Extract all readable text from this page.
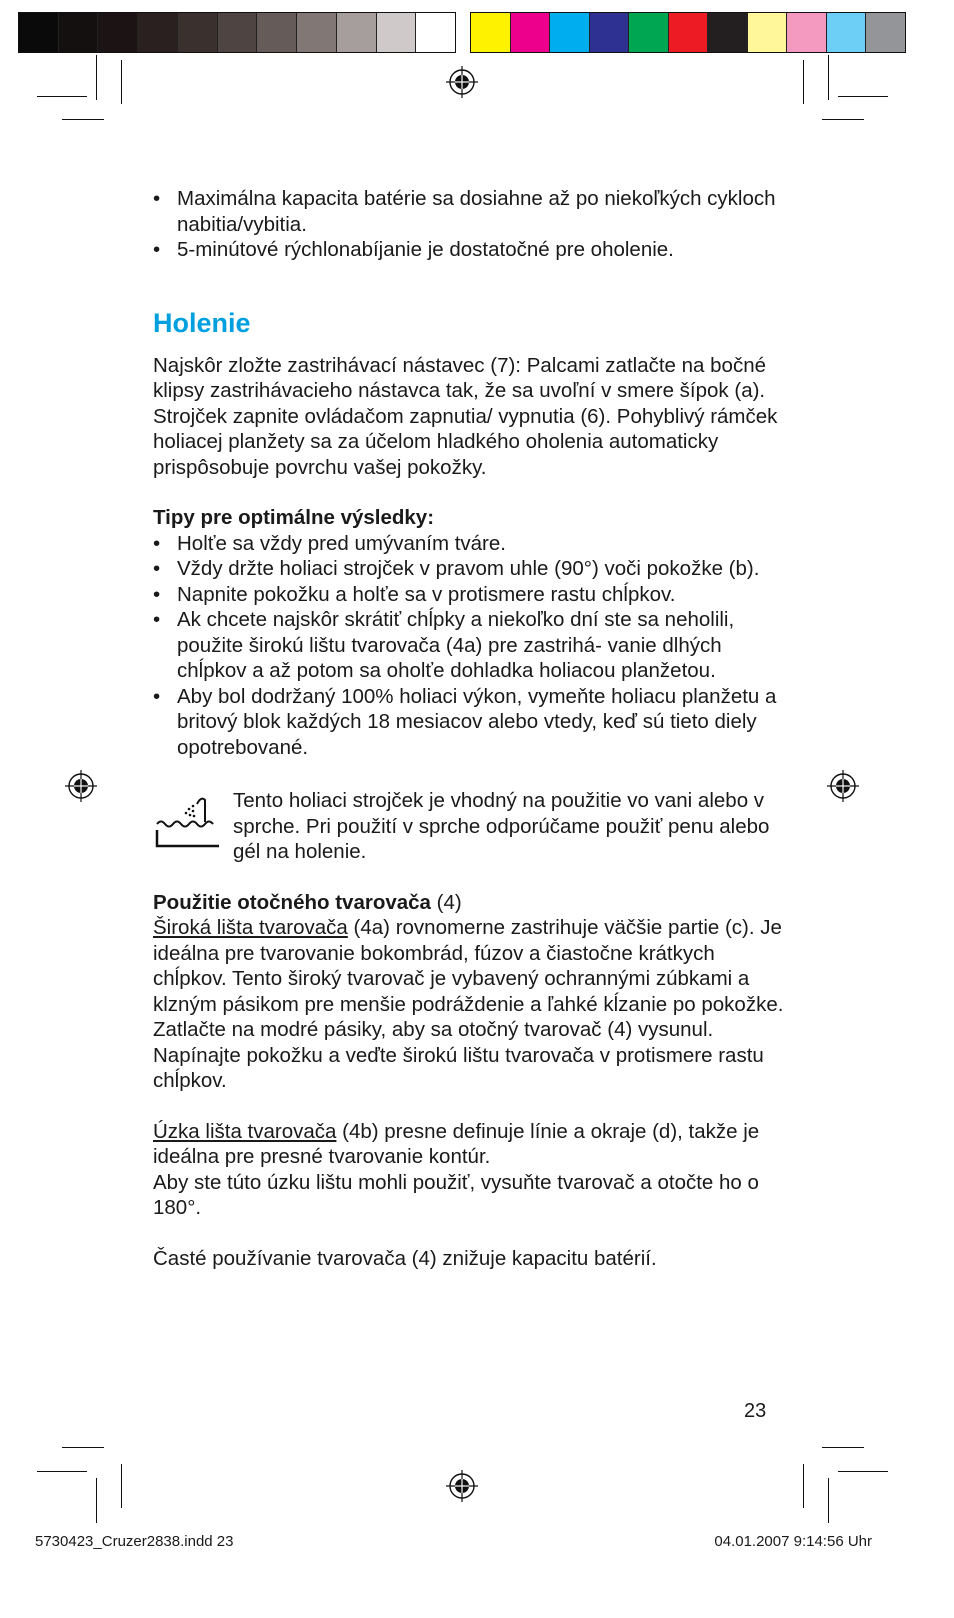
• Maximálna kapacita batérie sa dosiahne až po niekoľkých cykloch nabitia/vybitia.
• 5-minútové rýchlonabíjanie je dostatočné pre oholenie.
Holenie

Najskôr zložte zastrihávací nástavec (7): Palcami zatlačte na bočné klipsy zastrihávacieho nástavca tak, že sa uvoľní v smere šípok (a). Strojček zapnite ovládačom zapnutia/ vypnutia (6). Pohyblivý rámček holiacej planžety sa za účelom hladkého oholenia automaticky prispôsobuje povrchu vašej pokožky.

Tipy pre optimálne výsledky:

• Holťe sa vždy pred umývaním tváre.
• Vždy držte holiaci strojček v pravom uhle (90°) voči pokožke (b).
• Napnite pokožku a holťe sa v protismere rastu chĺpkov.
• Ak chcete najskôr skrátiť chĺpky a niekoľko dní ste sa neholili, použite širokú lištu tvarovača (4a) pre zastrihá- vanie dlhých chĺpkov a až potom sa oholťe dohladka holiacou planžetou.
• Aby bol dodržaný 100% holiaci výkon, vymeňte holiacu planžetu a britový blok každých 18 mesiacov alebo vtedy, keď sú tieto diely opotrebované.

Tento holiaci strojček je vhodný na použitie vo vani alebo v sprche. Pri použití v sprche odporúčame použiť penu alebo gél na holenie.

Použitie otočného tvarovača (4)

Široká lišta tvarovača (4a) rovnomerne zastrihuje väčšie partie (c). Je ideálna pre tvarovanie bokombrád, fúzov a čiastočne krátkych chĺpkov. Tento široký tvarovač je vybavený ochrannými zúbkami a klzným pásikom pre menšie podráždenie a ľahké kĺzanie po pokožke. Zatlačte na modré pásiky, aby sa otočný tvarovač (4) vysunul.

Napínajte pokožku a veďte širokú lištu tvarovača v protismere rastu chĺpkov.

Úzka lišta tvarovača (4b) presne definuje línie a okraje (d), takže je ideálna pre presné tvarovanie kontúr.

Aby ste túto úzku lištu mohli použiť, vysuňte tvarovač a otočte ho o 180°.

Časté používanie tvarovača (4) znižuje kapacitu batérií.

23
5730423_Cruzer2838.indd 23	04.01.2007 9:14:56 Uhr
